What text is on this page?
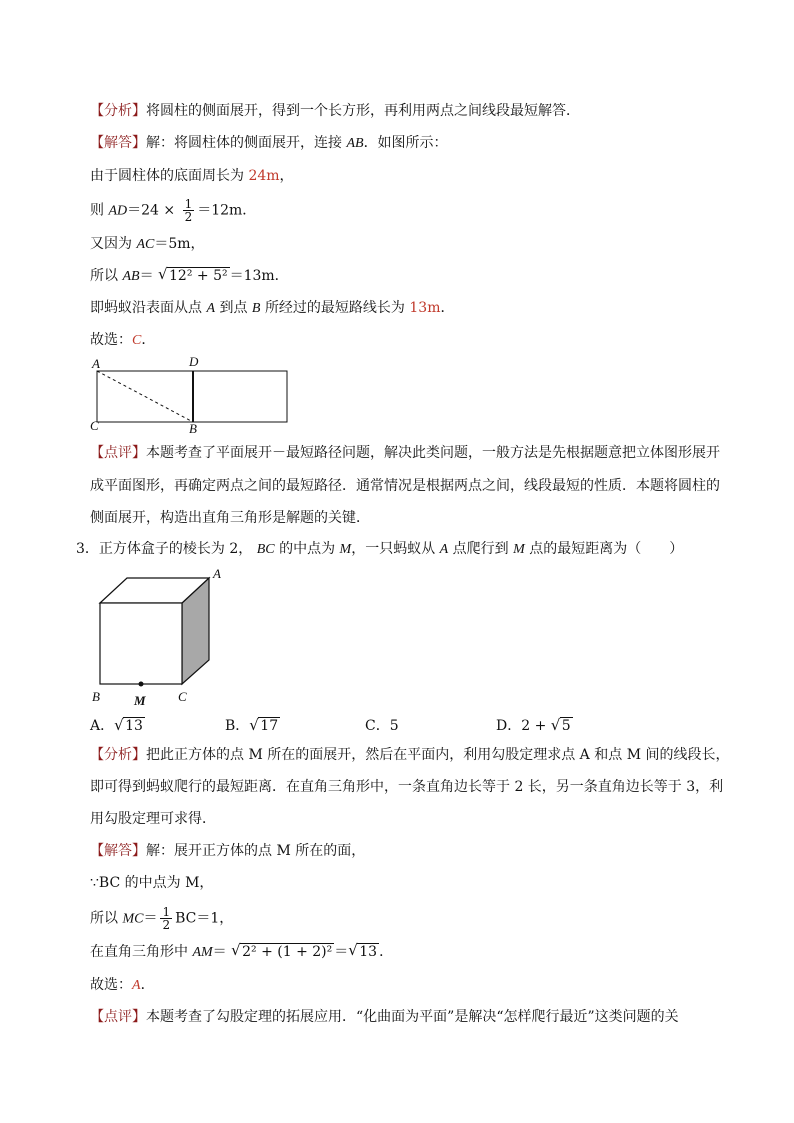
【分析】将圆柱的侧面展开，得到一个长方形，再利用两点之间线段最短解答．
【解答】解：将圆柱体的侧面展开，连接 AB．如图所示：
由于圆柱体的底面周长为 24m，
则 $AD=24 \times \frac{1}{2} =12m$．
又因为 AC＝5m，
所以 AB＝ √ 12² + 5² ＝13m．
即蚂蚁沿表面从点 A 到点 B 所经过的最短路线长为 13m．
故选：C．
A	D
C	B
【点评】本题考查了平面展开－最短路径问题，解决此类问题，一般方法是先根据题意把立体图形展开
成平面图形，再确定两点之间的最短路径．通常情况是根据两点之间，线段最短的性质．本题将圆柱的
侧面展开，构造出直角三角形是解题的关键．
3．正方体盒子的棱长为 2， BC 的中点为 M，一只蚂蚁从 A 点爬行到 M 点的最短距离为（　　）
A
B	M C
A． √ 13	B． √ 17	C．5	D．2 + √ 5
【分析】把此正方体的点 M 所在的面展开，然后在平面内，利用勾股定理求点 A 和点 M 间的线段长，
即可得到蚂蚁爬行的最短距离．在直角三角形中，一条直角边长等于 2 长，另一条直角边长等于 3，利
用勾股定理可求得．
【解答】解：展开正方体的点 M 所在的面，
∵BC 的中点为 M，
所以 $MC= \frac{1}{2} BC=1$，
在直角三角形中 AM＝ √ 2² + (1 + 2)² ＝ √ 13 ．
故选：A．
【点评】本题考查了勾股定理的拓展应用．“化曲面为平面”是解决“怎样爬行最近”这类问题的关
